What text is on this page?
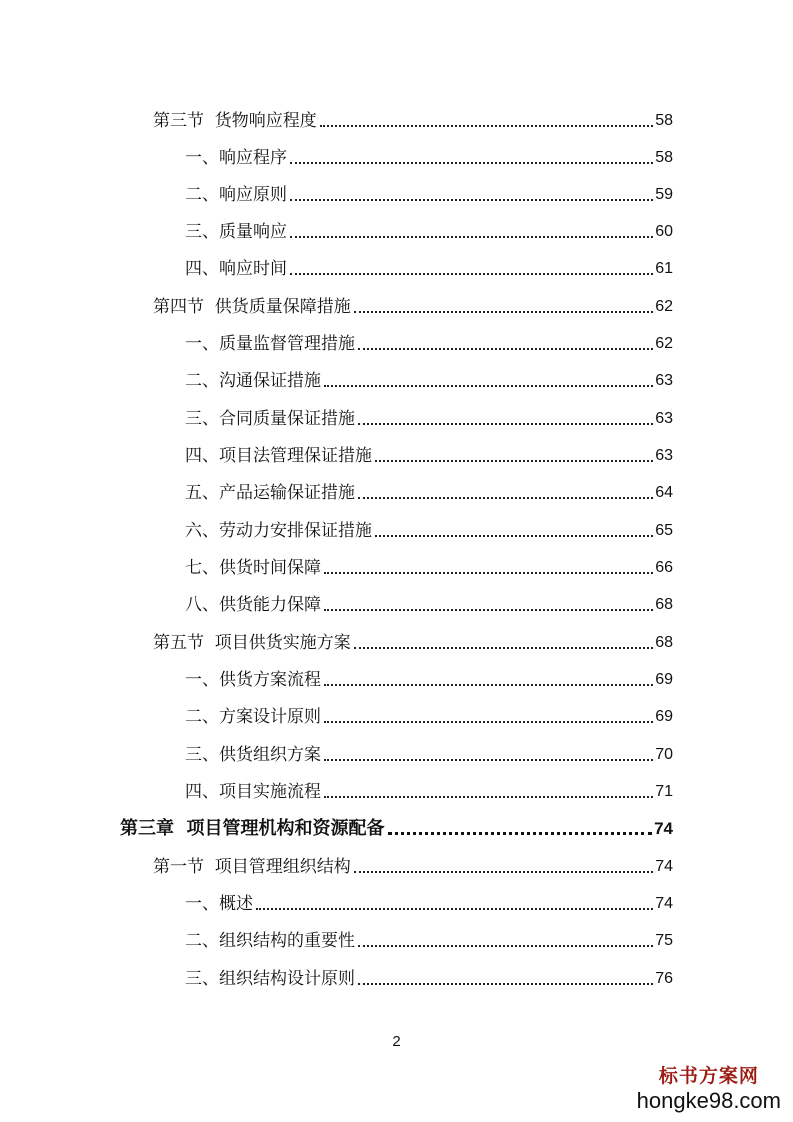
第三节  货物响应程度	58
一、响应程序	58
二、响应原则	59
三、质量响应	60
四、响应时间	61
第四节  供货质量保障措施	62
一、质量监督管理措施	62
二、沟通保证措施	63
三、合同质量保证措施	63
四、项目法管理保证措施	63
五、产品运输保证措施	64
六、劳动力安排保证措施	65
七、供货时间保障	66
八、供货能力保障	68
第五节  项目供货实施方案	68
一、供货方案流程	69
二、方案设计原则	69
三、供货组织方案	70
四、项目实施流程	71
第三章  项目管理机构和资源配备	74
第一节  项目管理组织结构	74
一、概述	74
二、组织结构的重要性	75
三、组织结构设计原则	76
2
标书方案网
hongke98.com
